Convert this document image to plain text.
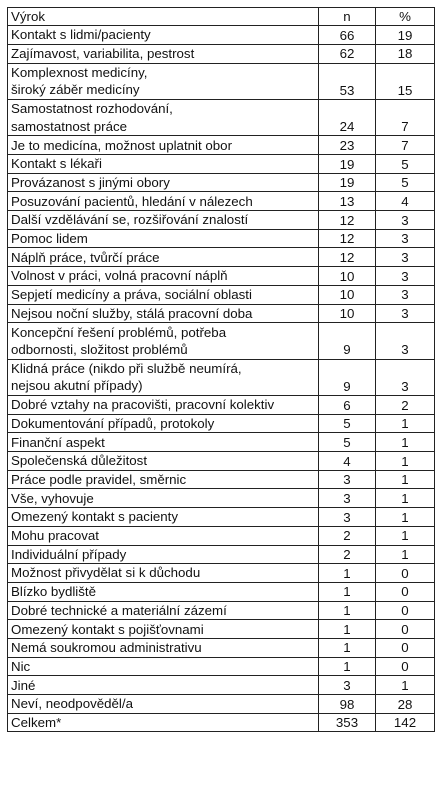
Výrok	n	%

Kontakt s lidmi/pacienty	66	19

Zajímavost, variabilita, pestrost	62	18

Komplexnost medicíny,
široký záběr medicíny	53	15

Samostatnost rozhodování,
samostatnost práce	24	7

Je to medicína, možnost uplatnit obor	23	7

Kontakt s lékaři	19	5

Provázanost s jinými obory	19	5

Posuzování pacientů, hledání v nálezech	13	4

Další vzdělávání se, rozšiřování znalostí	12	3

Pomoc lidem	12	3

Náplň práce, tvůrčí práce	12	3

Volnost v práci, volná pracovní náplň	10	3

Sepjetí medicíny a práva, sociální oblasti	10	3

Nejsou noční služby, stálá pracovní doba	10	3

Koncepční řešení problémů, potřeba
odbornosti, složitost problémů	9	3

Klidná práce (nikdo při službě neumírá,
nejsou akutní případy)	9	3

Dobré vztahy na pracovišti, pracovní kolektiv	6	2

Dokumentování případů, protokoly	5	1

Finanční aspekt	5	1

Společenská důležitost	4	1

Práce podle pravidel, směrnic	3	1

Vše, vyhovuje	3	1

Omezený kontakt s pacienty	3	1

Mohu pracovat	2	1

Individuální případy	2	1

Možnost přivydělat si k důchodu	1	0

Blízko bydliště	1	0

Dobré technické a materiální zázemí	1	0

Omezený kontakt s pojišťovnami	1	0

Nemá soukromou administrativu	1	0

Nic	1	0

Jiné	3	1

Neví, neodpověděl/a	98	28

Celkem*	353	142
